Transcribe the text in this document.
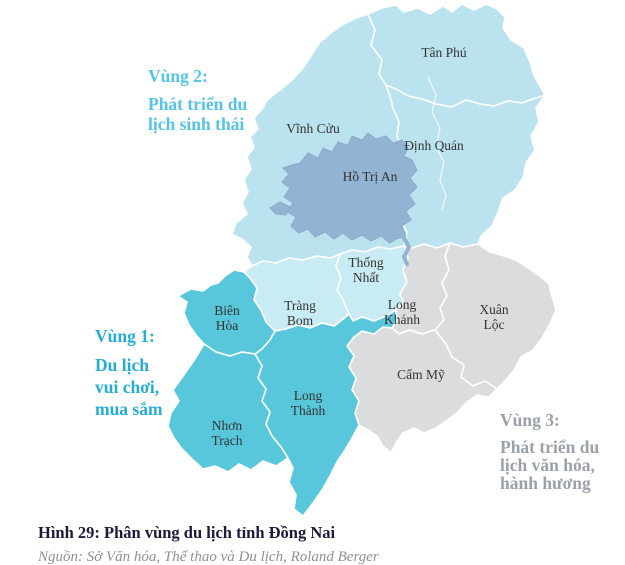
Tân Phú
Vĩnh Cửu
Định Quán
Hồ Trị An
Thống
Nhất
Tràng
Bom
Biên
Hòa
Long
Khánh
Xuân
Lộc
Cẩm Mỹ
Long
Thành
Nhơn
Trạch
Vùng 2:
Phát triển du
lịch sinh thái
Vùng 1:
Du lịch
vui chơi,
mua sắm
Vùng 3:
Phát triển du
lịch văn hóa,
hành hương
Hình 29: Phân vùng du lịch tỉnh Đồng Nai
Nguồn: Sở Văn hóa, Thể thao và Du lịch, Roland Berger
